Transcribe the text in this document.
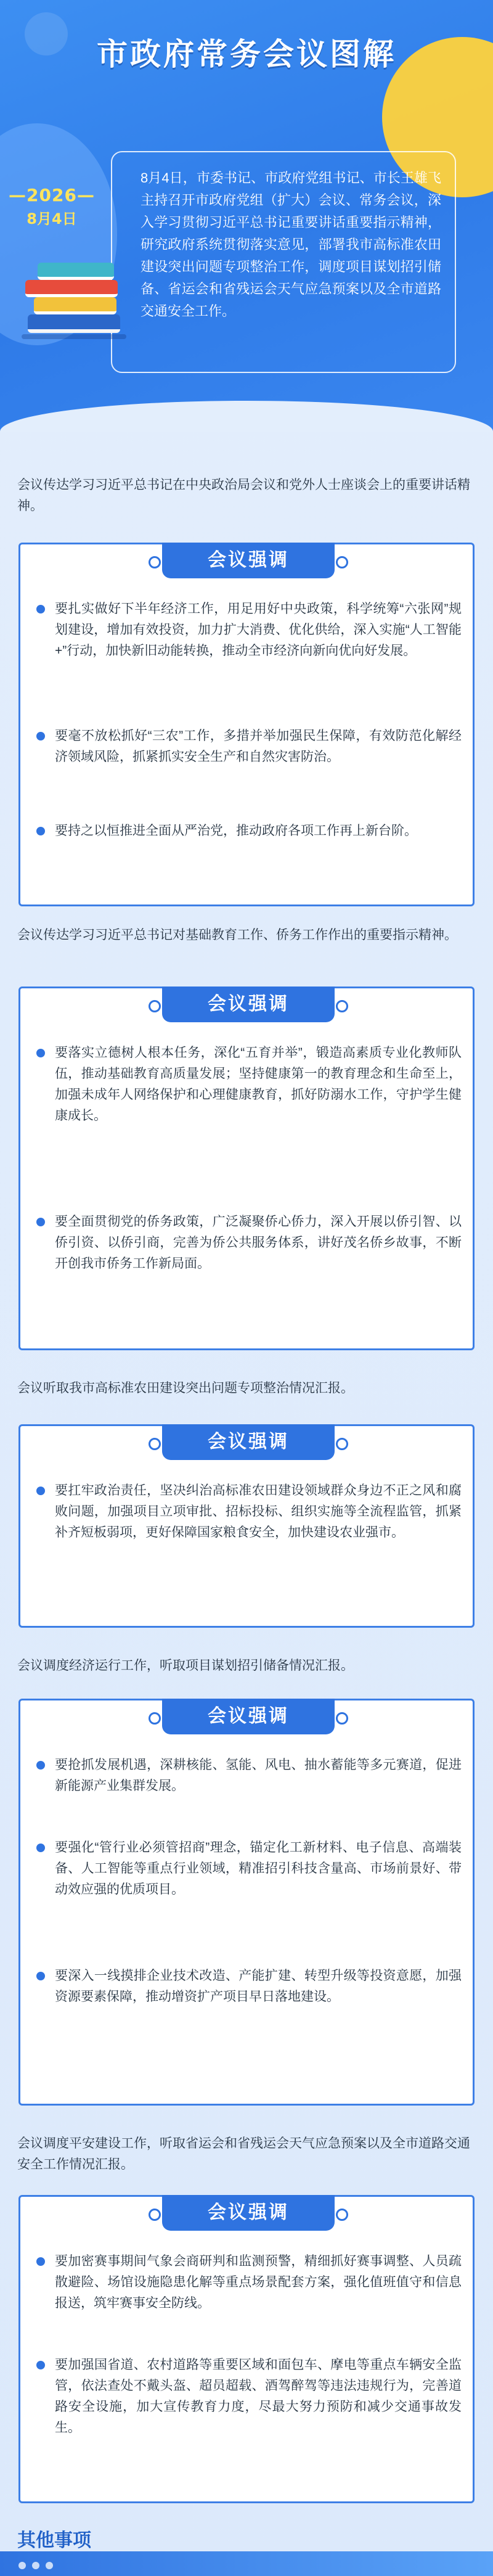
市政府常务会议图解

8月4日，市委书记、市政府党组书记、市长王雄飞主持召开市政府党组（扩大）会议、常务会议，深入学习贯彻习近平总书记重要讲话重要指示精神，研究政府系统贯彻落实意见，部署我市高标准农田建设突出问题专项整治工作，调度项目谋划招引储备、省运会和省残运会天气应急预案以及全市道路交通安全工作。

—2026—
8月4日

会议传达学习习近平总书记在中央政治局会议和党外人士座谈会上的重要讲话精神。

会议强调

要扎实做好下半年经济工作，用足用好中央政策，科学统筹“六张网”规划建设，增加有效投资，加力扩大消费、优化供给，深入实施“人工智能+”行动，加快新旧动能转换，推动全市经济向新向优向好发展。

要毫不放松抓好“三农”工作，多措并举加强民生保障，有效防范化解经济领域风险，抓紧抓实安全生产和自然灾害防治。

要持之以恒推进全面从严治党，推动政府各项工作再上新台阶。

会议传达学习习近平总书记对基础教育工作、侨务工作作出的重要指示精神。

会议强调

要落实立德树人根本任务，深化“五育并举”，锻造高素质专业化教师队伍，推动基础教育高质量发展；坚持健康第一的教育理念和生命至上，加强未成年人网络保护和心理健康教育，抓好防溺水工作，守护学生健康成长。

要全面贯彻党的侨务政策，广泛凝聚侨心侨力，深入开展以侨引智、以侨引资、以侨引商，完善为侨公共服务体系，讲好茂名侨乡故事，不断开创我市侨务工作新局面。

会议听取我市高标准农田建设突出问题专项整治情况汇报。

会议强调

要扛牢政治责任，坚决纠治高标准农田建设领域群众身边不正之风和腐败问题，加强项目立项审批、招标投标、组织实施等全流程监管，抓紧补齐短板弱项，更好保障国家粮食安全，加快建设农业强市。

会议调度经济运行工作，听取项目谋划招引储备情况汇报。

会议强调

要抢抓发展机遇，深耕核能、氢能、风电、抽水蓄能等多元赛道，促进新能源产业集群发展。

要强化“管行业必须管招商”理念，锚定化工新材料、电子信息、高端装备、人工智能等重点行业领域，精准招引科技含量高、市场前景好、带动效应强的优质项目。

要深入一线摸排企业技术改造、产能扩建、转型升级等投资意愿，加强资源要素保障，推动增资扩产项目早日落地建设。

会议调度平安建设工作，听取省运会和省残运会天气应急预案以及全市道路交通安全工作情况汇报。

会议强调

要加密赛事期间气象会商研判和监测预警，精细抓好赛事调整、人员疏散避险、场馆设施隐患化解等重点场景配套方案，强化值班值守和信息报送，筑牢赛事安全防线。

要加强国省道、农村道路等重要区域和面包车、摩电等重点车辆安全监管，依法查处不戴头盔、超员超载、酒驾醉驾等违法违规行为，完善道路安全设施，加大宣传教育力度，尽最大努力预防和减少交通事故发生。

其他事项
